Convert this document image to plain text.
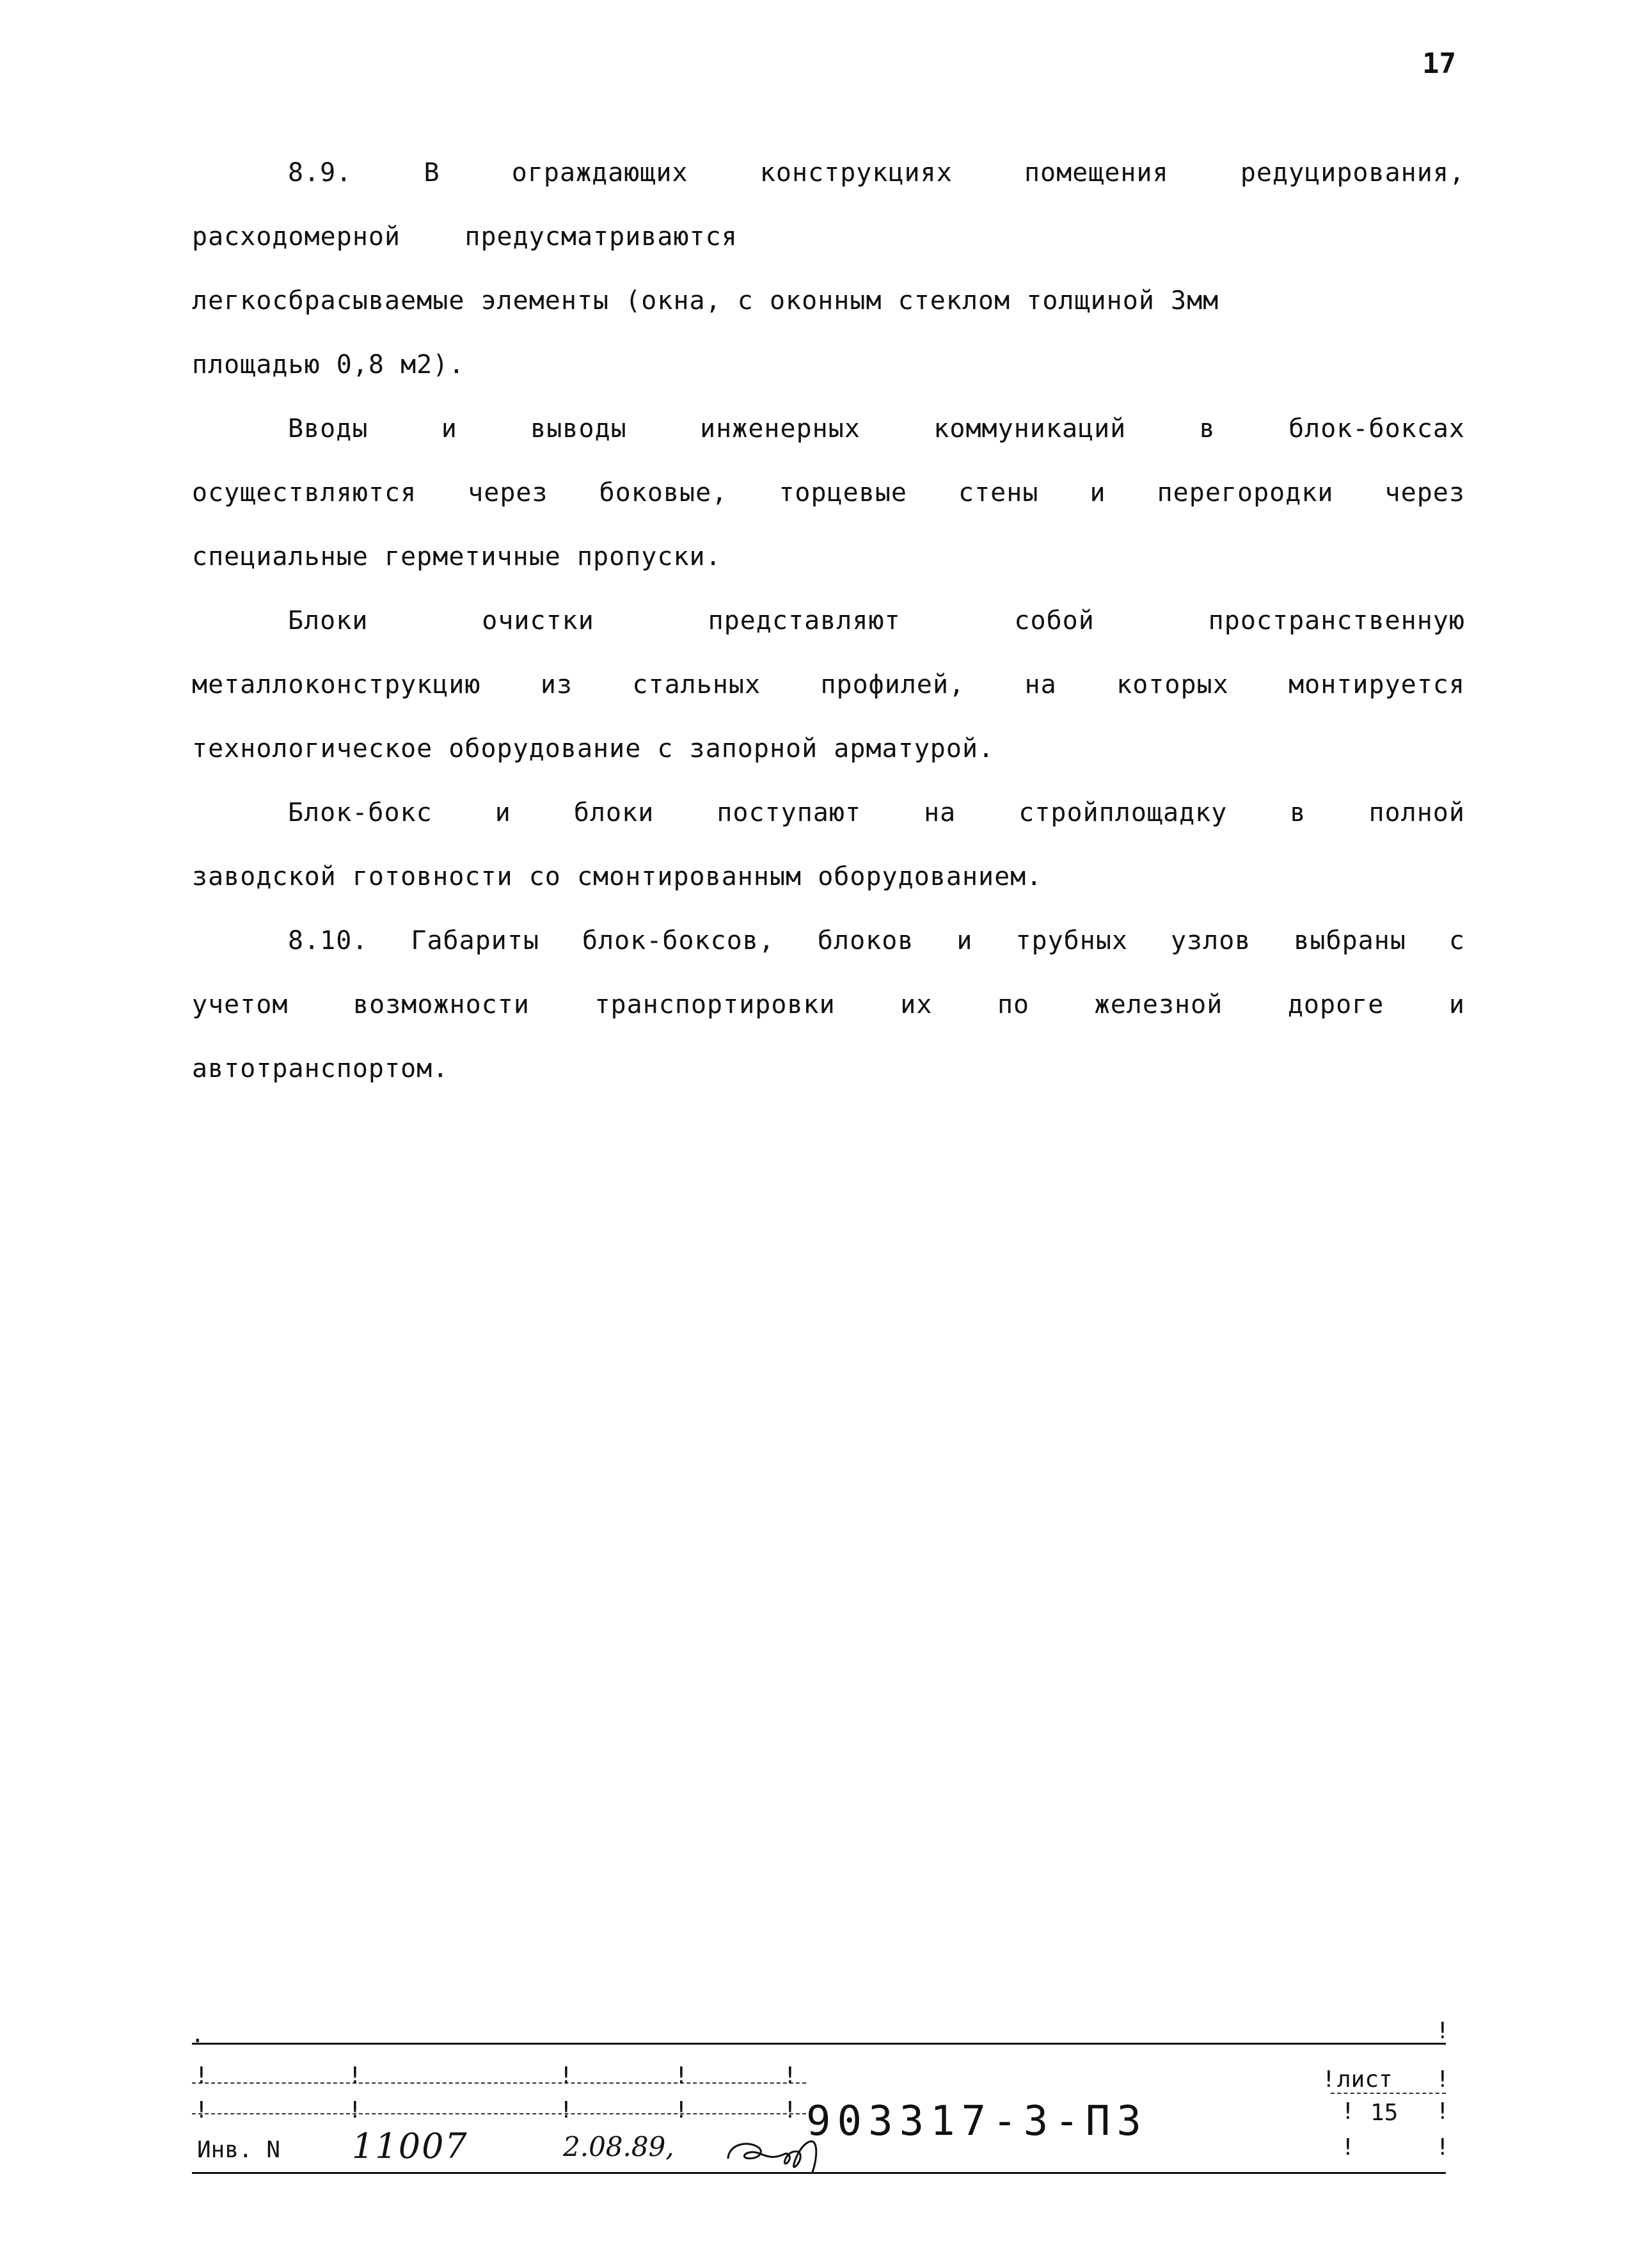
17
8.9.	В	ограждающих	конструкциях	помещения	редуцирования,
расходомерной    предусматриваются
легкосбрасываемые элементы (окна, с оконным стеклом толщиной 3мм
площадью 0,8 м2).
Вводы	и	выводы	инженерных	коммуникаций	в	блок-боксах
осуществляются через боковые, торцевые стены и перегородки через
специальные герметичные пропуски.
Блоки	очистки	представляют	собой	пространственную
металлоконструкцию из стальных профилей, на которых монтируется
технологическое оборудование с запорной арматурой.
Блок-бокс и блоки поступают на стройплощадку в полной
заводской готовности со смонтированным оборудованием.
8.10. Габариты блок-боксов, блоков и трубных узлов выбраны с
учетом	возможности	транспортировки	их	по	железной	дороге	и
автотранспортом.
.	!
!	!	!	!	!	!	!
!	!	!	!	!	!	!
!	!
903317-3-ПЗ
лист
15
Инв. N 11007	2.08.89,
